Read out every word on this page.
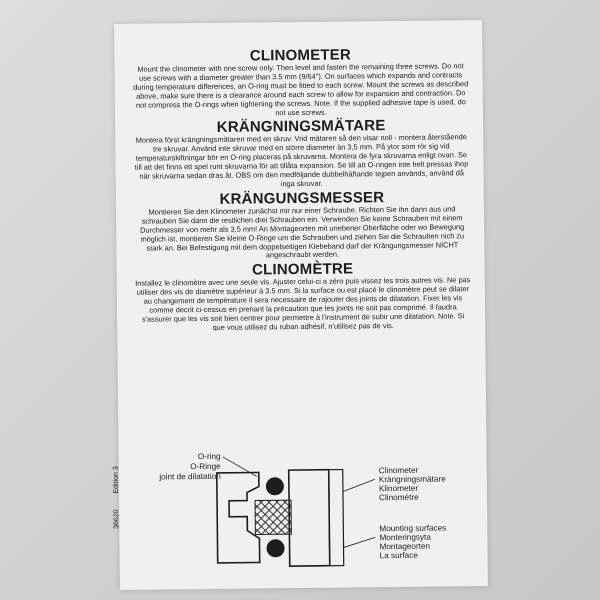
CLINOMETER

Mount the clinometer with one screw only. Then level and fasten the remaining three screws. Do not use screws with a diameter greater than 3.5 mm (9/64"). On surfaces which expands and contracts during temperature differences, an O-ring must be fitted to each screw. Mount the screws as described above, make sure there is a clearance around each screw to allow for expansion and contraction. Do not compress the O-rings when tightening the screws. Note. If the supplied adhesive tape is used, do not use screws.

KRÄNGNINGSMÄTARE

Montera först krängningsmätaren med en skruv. Vrid mätaren så den visar noll - montera återstående tre skruvar. Använd inte skruvar med en större diameter än 3,5 mm. På ytor som rör sig vid temperaturskiftningar bör en O-ring placeras på skruvarna. Montera de fyra skruvarna enligt ovan. Se till att det finns ett spel runt skruvarna för att tillåta expansion. Se till att O-ringen inte helt pressas ihop när skruvarna sedan dras åt. OBS om den medföljande dubbelhäftande tejpen används, använd då inga skruvar.

KRÄNGUNGSMESSER

Montieren Sie den Klinometer zunächst mir nur einer Schraube. Richten Sie ihn dann aus und schrauben Sie dann die restlichen drei Schrauben ein. Verwenden Sie keine Schrauben mit einem Durchmesser von mehr als 3,5 mm! An Montageorten mit unebener Oberfläche oder wo Bewegung möglich ist, montieren Sie kleine O-Ringe um die Schrauben und ziehen Sie die Schrauben nich zu stark an. Bei Befestigung mit dem doppelseitigen Klebeband darf der Krängungsmesser NICHT angeschraubt werden.

CLINOMÈTRE

Installez le clinomètre avec une seule vis. Ajuster celui-ci a zéro puis vissez les trois autres vis. Ne pas utiliser des vis de diamètre supérieur à 3.5 mm. Si la surface ou est placé le clinomètre peut se dilater au changement de température il sera necessaire de rajouter des joints de dilatation. Fixer les vis comme decrit ci-cessus en prenant la précaution que les joints ne soit pas comprimé. Il faudra s'assurer que les vis soit bien centrer pour permettre à l'instrument de subir une dilatation. Note. Si que vous utilisez du ruban adhésif, n'utilisez pas de vis.

O-ring
O-Ringe
joint de dilatation
Clinometer
Krängningsmätare
Klinometer
Clinomètre
Mounting surfaces
Monteringsyta
Montageorten
La surface
36620 Edition 3
